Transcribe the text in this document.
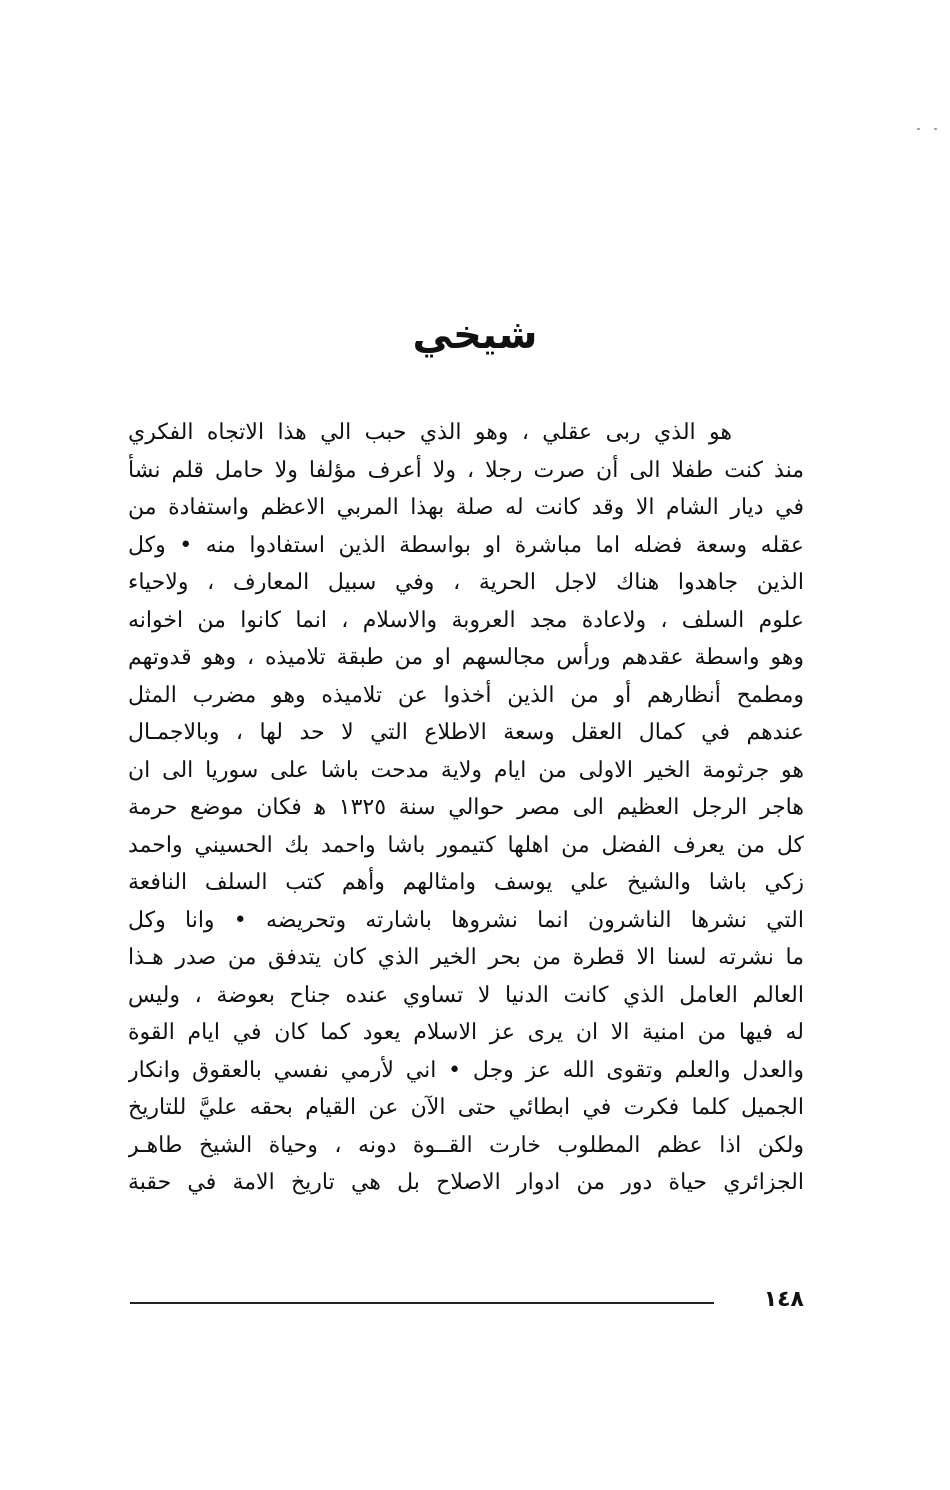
شيخي
هو الذي ربى عقلي ، وهو الذي حبب الي هذا الاتجاه الفكري
منذ كنت طفلا الى أن صرت رجلا ، ولا أعرف مؤلفا ولا حامل قلم نشأ
في ديار الشام الا وقد كانت له صلة بهذا المربي الاعظم واستفادة من
عقله وسعة فضله اما مباشرة او بواسطة الذين استفادوا منه • وكل
الذين جاهدوا هناك لاجل الحرية ، وفي سبيل المعارف ، ولاحياء
علوم السلف ، ولاعادة مجد العروبة والاسلام ، انما كانوا من اخوانه
وهو واسطة عقدهم ورأس مجالسهم او من طبقة تلاميذه ، وهو قدوتهم
ومطمح أنظارهم أو من الذين أخذوا عن تلاميذه وهو مضرب المثل
عندهم في كمال العقل وسعة الاطلاع التي لا حد لها ، وبالاجمـال
هو جرثومة الخير الاولى من ايام ولاية مدحت باشا على سوريا الى ان
هاجر الرجل العظيم الى مصر حوالي سنة ١٣٢٥ ﻫ فكان موضع حرمة
كل من يعرف الفضل من اهلها كتيمور باشا واحمد بك الحسيني واحمد
زكي باشا والشيخ علي يوسف وامثالهم وأهم كتب السلف النافعة
التي نشرها الناشرون انما نشروها باشارته وتحريضه • وانا وكل
ما نشرته لسنا الا قطرة من بحر الخير الذي كان يتدفق من صدر هـذا
العالم العامل الذي كانت الدنيا لا تساوي عنده جناح بعوضة ، وليس
له فيها من امنية الا ان يرى عز الاسلام يعود كما كان في ايام القوة
والعدل والعلم وتقوى الله عز وجل • اني لأرمي نفسي بالعقوق وانكار
الجميل كلما فكرت في ابطائي حتى الآن عن القيام بحقه عليَّ للتاريخ
ولكن اذا عظم المطلوب خارت القــوة دونه ، وحياة الشيخ طاهـر
الجزائري حياة دور من ادوار الاصلاح بل هي تاريخ الامة في حقبة
١٤٨
